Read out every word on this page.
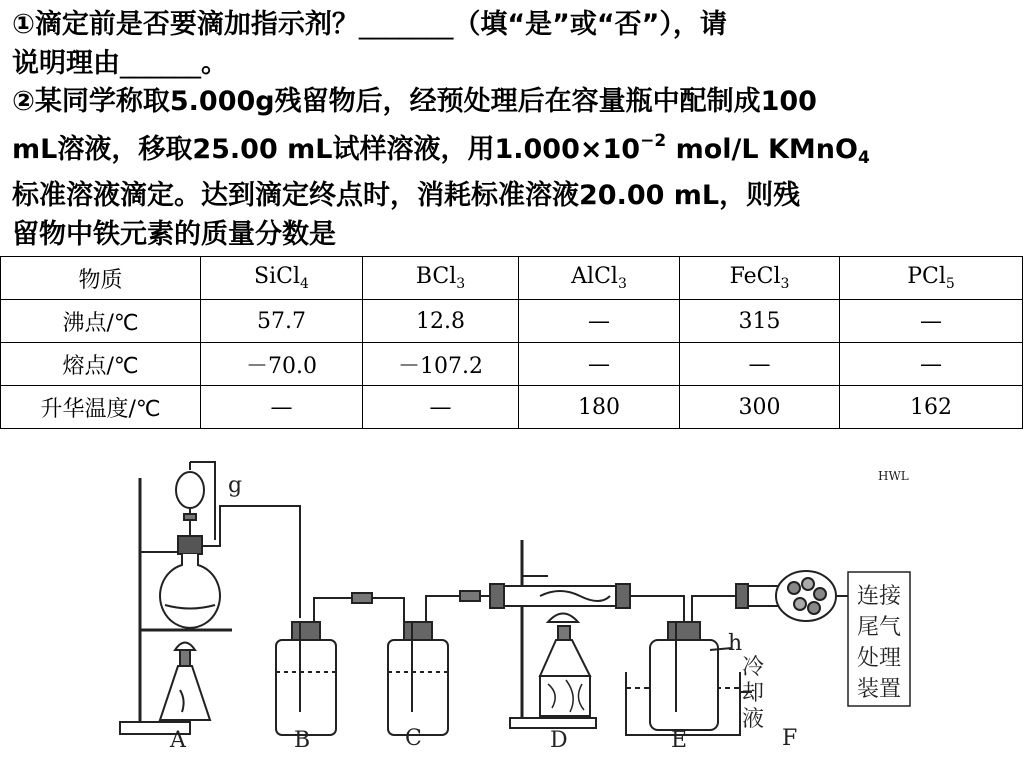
①滴定前是否要滴加指示剂？_______（填“是”或“否”），请

说明理由______。

②某同学称取5.000g残留物后，经预处理后在容量瓶中配制成100

mL溶液，移取25.00 mL试样溶液，用$1.000\times 10^{-2}$ mol/L KMnO$_4$

标准溶液滴定。达到滴定终点时，消耗标准溶液20.00 mL，则残

留物中铁元素的质量分数是

物质	SiCl$_4$	BCl$_3$	AlCl$_3$	FeCl$_3$	PCl$_5$
沸点/℃	57.7	12.8	—	315	—
熔点/℃	－70.0	－107.2	—	—	—
升华温度/℃	—	—	180	300	162
g
h
冷
却
液
连接
尾气
处理
装置
HWL
A	B	C	D	E	F
